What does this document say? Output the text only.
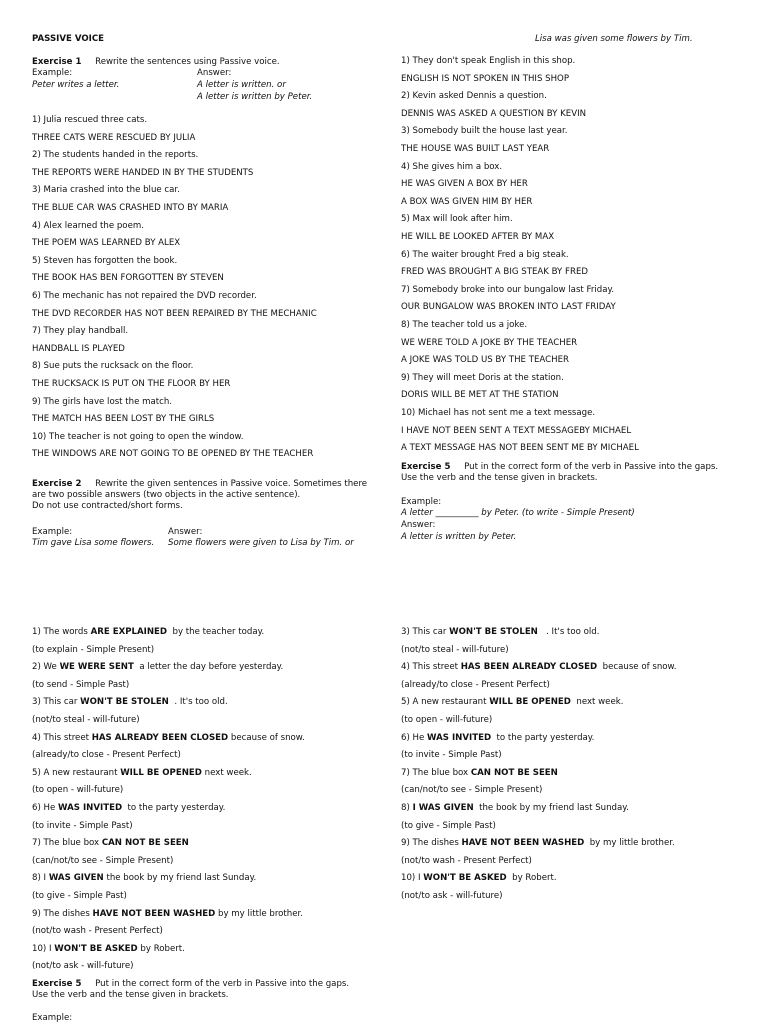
PASSIVE VOICE	Lisa was given some flowers by Tim.
Exercise 1 Rewrite the sentences using Passive voice.
Example:	Answer:
Peter writes a letter.	A letter is written. or
A letter is written by Peter.
1) Julia rescued three cats.
THREE CATS WERE RESCUED BY JULIA
2) The students handed in the reports.
THE REPORTS WERE HANDED IN BY THE STUDENTS
3) Maria crashed into the blue car.
THE BLUE CAR WAS CRASHED INTO BY MARIA
4) Alex learned the poem.
THE POEM WAS LEARNED BY ALEX
5) Steven has forgotten the book.
THE BOOK HAS BEN FORGOTTEN BY STEVEN
6) The mechanic has not repaired the DVD recorder.
THE DVD RECORDER HAS NOT BEEN REPAIRED BY THE MECHANIC
7) They play handball.
HANDBALL IS PLAYED
8) Sue puts the rucksack on the floor.
THE RUCKSACK IS PUT ON THE FLOOR BY HER
9) The girls have lost the match.
THE MATCH HAS BEEN LOST BY THE GIRLS
10) The teacher is not going to open the window.
THE WINDOWS ARE NOT GOING TO BE OPENED BY THE TEACHER
Exercise 2 Rewrite the given sentences in Passive voice. Sometimes there
are two possible answers (two objects in the active sentence).
Do not use contracted/short forms.
Example:	Answer:
Tim gave Lisa some flowers. Some flowers were given to Lisa by Tim. or
1) They don't speak English in this shop.
ENGLISH IS NOT SPOKEN IN THIS SHOP
2) Kevin asked Dennis a question.
DENNIS WAS ASKED A QUESTION BY KEVIN
3) Somebody built the house last year.
THE HOUSE WAS BUILT LAST YEAR
4) She gives him a box.
HE WAS GIVEN A BOX BY HER
A BOX WAS GIVEN HIM BY HER
5) Max will look after him.
HE WILL BE LOOKED AFTER BY MAX
6) The waiter brought Fred a big steak.
FRED WAS BROUGHT A BIG STEAK BY FRED
7) Somebody broke into our bungalow last Friday.
OUR BUNGALOW WAS BROKEN INTO LAST FRIDAY
8) The teacher told us a joke.
WE WERE TOLD A JOKE BY THE TEACHER
A JOKE WAS TOLD US BY THE TEACHER
9) They will meet Doris at the station.
DORIS WILL BE MET AT THE STATION
10) Michael has not sent me a text message.
I HAVE NOT BEEN SENT A TEXT MESSAGEBY MICHAEL
A TEXT MESSAGE HAS NOT BEEN SENT ME BY MICHAEL
Exercise 5 Put in the correct form of the verb in Passive into the gaps.
Use the verb and the tense given in brackets.
Example:
A letter __________ by Peter. (to write - Simple Present)
Answer:
A letter is written by Peter.
1) The words ARE EXPLAINED  by the teacher today.
(to explain - Simple Present)
2) We WE WERE SENT  a letter the day before yesterday.
(to send - Simple Past)
3) This car WON'T BE STOLEN  . It's too old.
(not/to steal - will-future)
4) This street HAS ALREADY BEEN CLOSED because of snow.
(already/to close - Present Perfect)
5) A new restaurant WILL BE OPENED next week.
(to open - will-future)
6) He WAS INVITED  to the party yesterday.
(to invite - Simple Past)
7) The blue box CAN NOT BE SEEN
(can/not/to see - Simple Present)
8) I WAS GIVEN the book by my friend last Sunday.
(to give - Simple Past)
9) The dishes HAVE NOT BEEN WASHED by my little brother.
(not/to wash - Present Perfect)
10) I WON'T BE ASKED by Robert.
(not/to ask - will-future)
Exercise 5 Put in the correct form of the verb in Passive into the gaps.
Use the verb and the tense given in brackets.
Example:
3) This car WON'T BE STOLEN   . It's too old.
(not/to steal - will-future)
4) This street HAS BEEN ALREADY CLOSED  because of snow.
(already/to close - Present Perfect)
5) A new restaurant WILL BE OPENED  next week.
(to open - will-future)
6) He WAS INVITED  to the party yesterday.
(to invite - Simple Past)
7) The blue box CAN NOT BE SEEN
(can/not/to see - Simple Present)
8) I WAS GIVEN  the book by my friend last Sunday.
(to give - Simple Past)
9) The dishes HAVE NOT BEEN WASHED  by my little brother.
(not/to wash - Present Perfect)
10) I WON'T BE ASKED  by Robert.
(not/to ask - will-future)
